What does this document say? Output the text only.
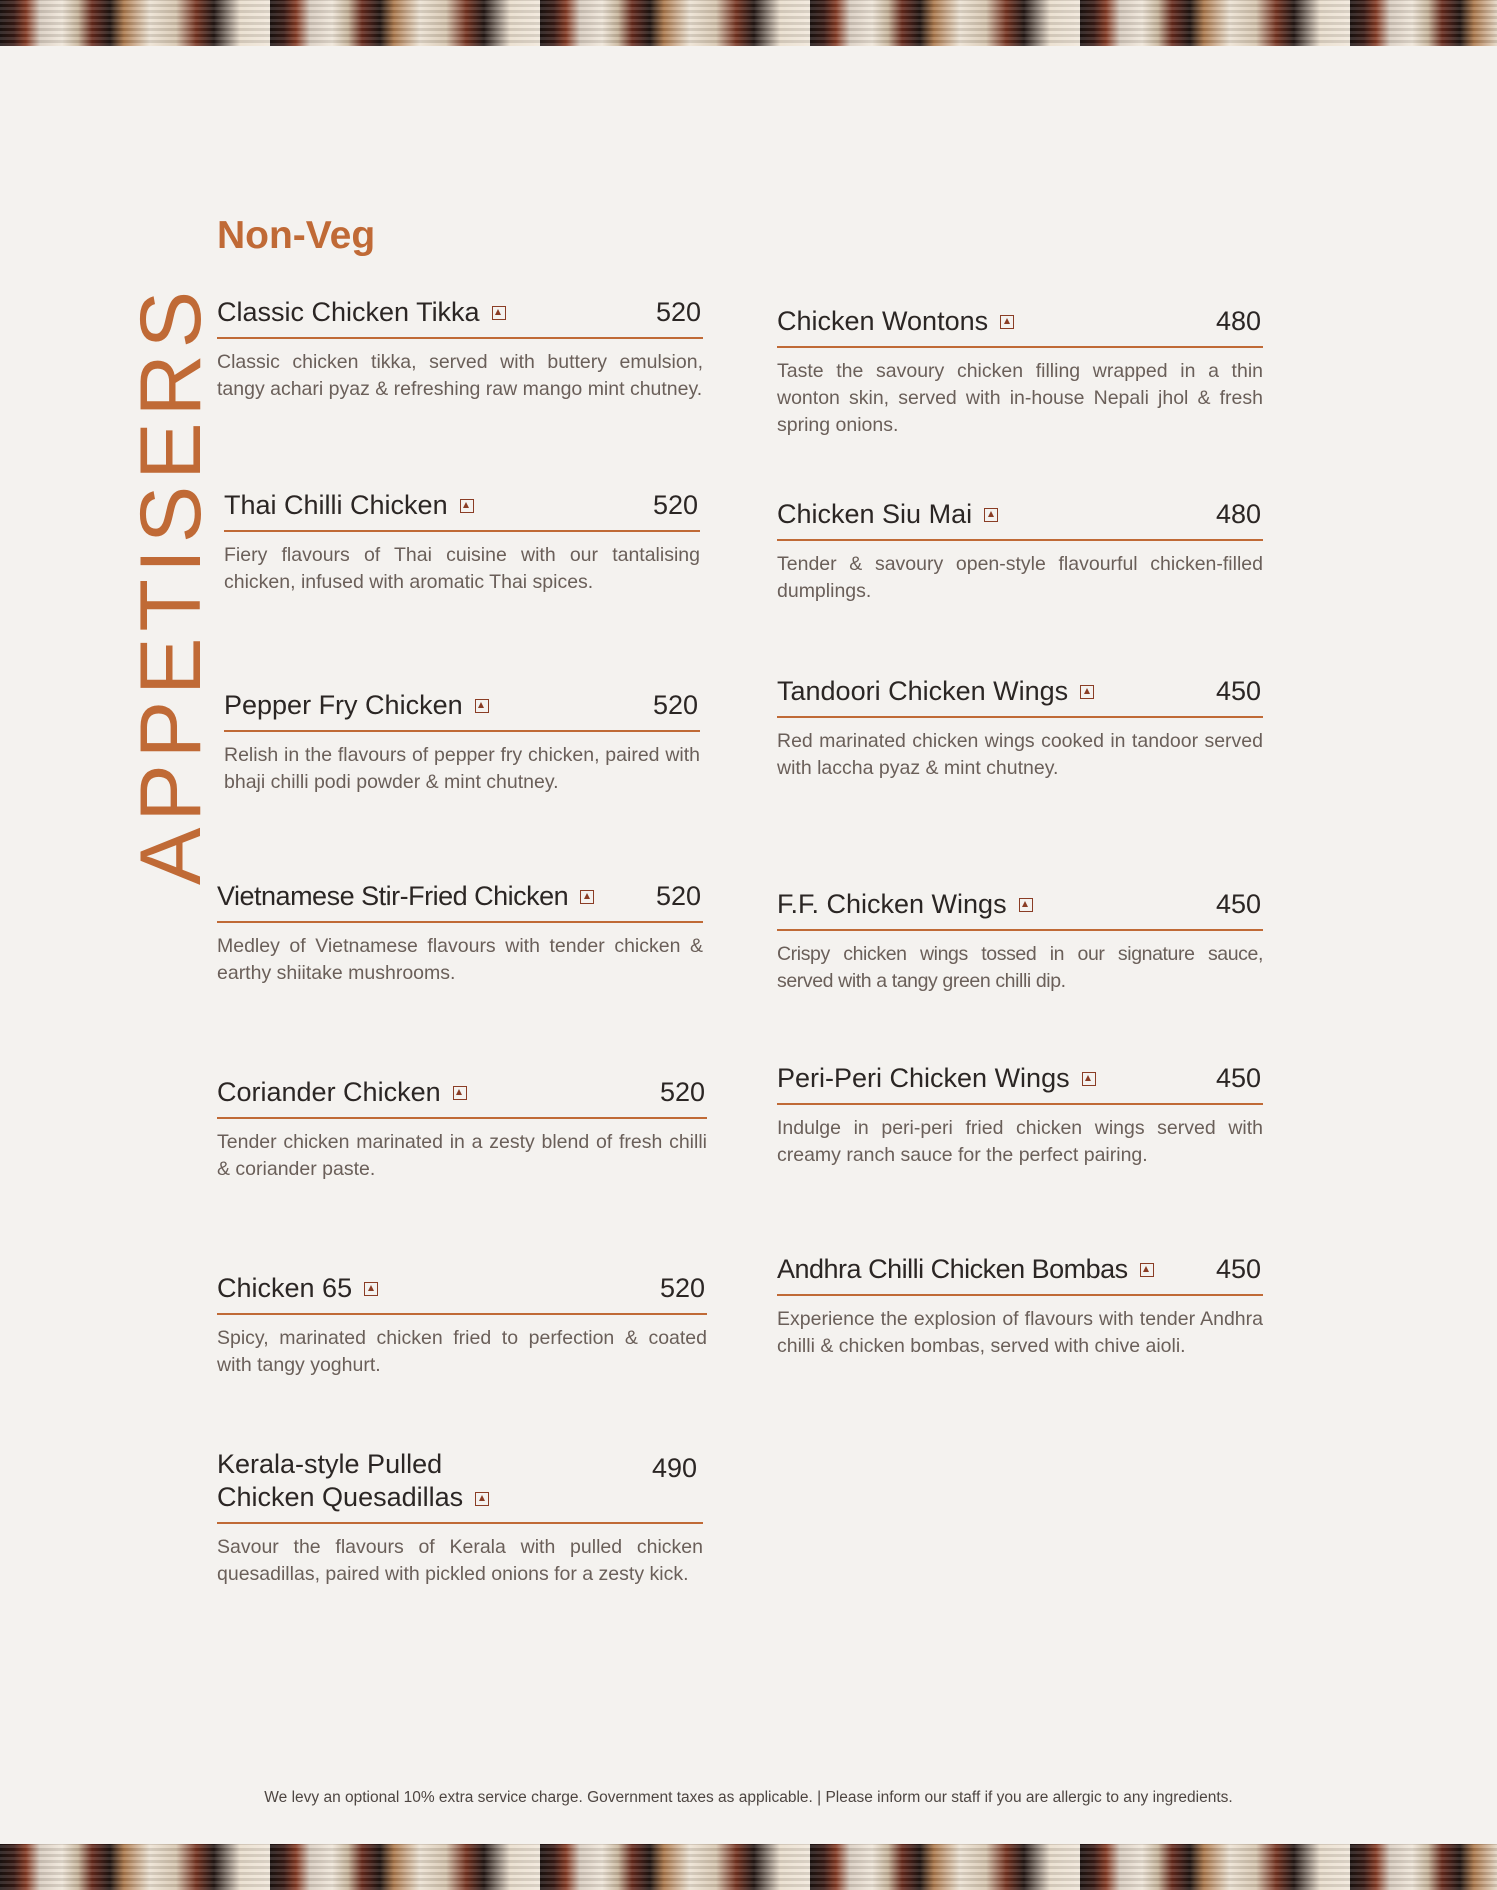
APPETISERS
Non-Veg
Classic Chicken Tikka	520
Classic chicken tikka, served with buttery emulsion, tangy achari pyaz & refreshing raw mango mint chutney.
Thai Chilli Chicken	520
Fiery flavours of Thai cuisine with our tantalising chicken, infused with aromatic Thai spices.
Pepper Fry Chicken	520
Relish in the flavours of pepper fry chicken, paired with bhaji chilli podi powder & mint chutney.
Vietnamese Stir-Fried Chicken	520
Medley of Vietnamese flavours with tender chicken & earthy shiitake mushrooms.
Coriander Chicken	520
Tender chicken marinated in a zesty blend of fresh chilli & coriander paste.
Chicken 65	520
Spicy, marinated chicken fried to perfection & coated with tangy yoghurt.
Kerala-style Pulled Chicken Quesadillas
490
Savour the flavours of Kerala with pulled chicken quesadillas, paired with pickled onions for a zesty kick.
Chicken Wontons	480
Taste the savoury chicken filling wrapped in a thin wonton skin, served with in-house Nepali jhol & fresh spring onions.
Chicken Siu Mai	480
Tender & savoury open-style flavourful chicken-filled dumplings.
Tandoori Chicken Wings	450
Red marinated chicken wings cooked in tandoor served with laccha pyaz & mint chutney.
F.F. Chicken Wings	450
Crispy chicken wings tossed in our signature sauce, served with a tangy green chilli dip.
Peri-Peri Chicken Wings	450
Indulge in peri-peri fried chicken wings served with creamy ranch sauce for the perfect pairing.
Andhra Chilli Chicken Bombas	450
Experience the explosion of flavours with tender Andhra chilli & chicken bombas, served with chive aioli.
We levy an optional 10% extra service charge. Government taxes as applicable. | Please inform our staff if you are allergic to any ingredients.
